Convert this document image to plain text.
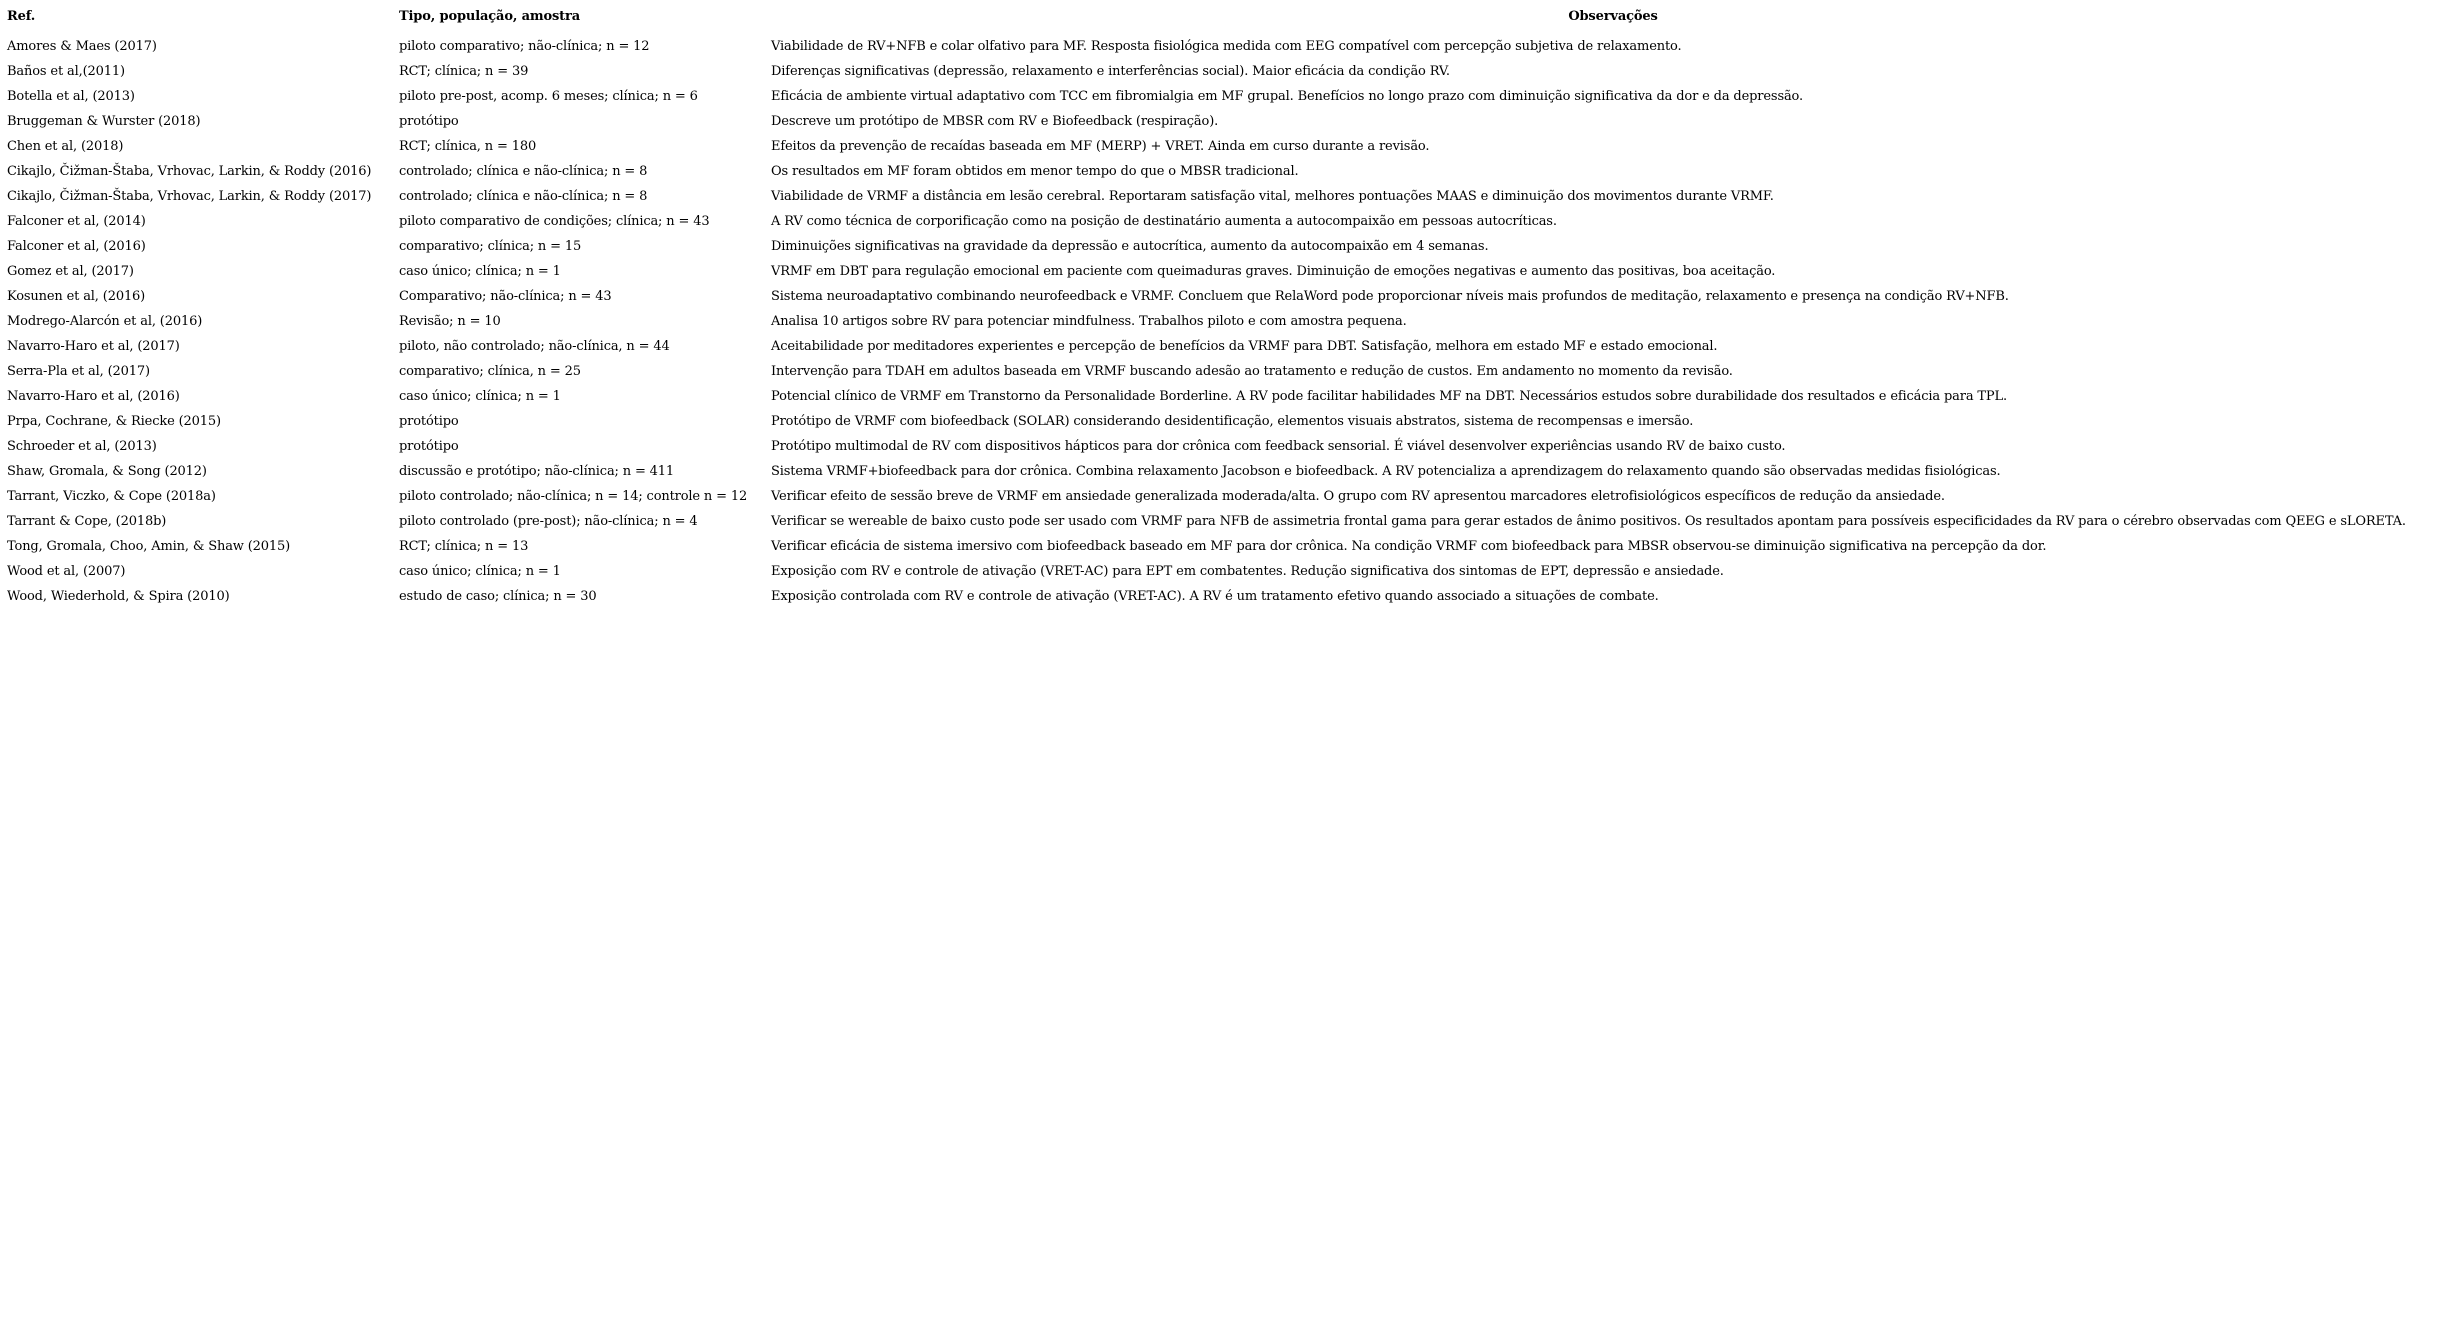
Ref.	Tipo, população, amostra	Observações
Amores & Maes (2017)	piloto comparativo; não-clínica; n = 12	Viabilidade de RV+NFB e colar olfativo para MF. Resposta fisiológica medida com EEG compatível com percepção subjetiva de relaxamento.
Baños et al,(2011)	RCT; clínica; n = 39	Diferenças significativas (depressão, relaxamento e interferências social). Maior eficácia da condição RV.
Botella et al, (2013)	piloto pre-post, acomp. 6 meses; clínica; n = 6	Eficácia de ambiente virtual adaptativo com TCC em fibromialgia em MF grupal. Benefícios no longo prazo com diminuição significativa da dor e da depressão.
Bruggeman & Wurster (2018)	protótipo	Descreve um protótipo de MBSR com RV e Biofeedback (respiração).
Chen et al, (2018)	RCT; clínica, n = 180	Efeitos da prevenção de recaídas baseada em MF (MERP) + VRET. Ainda em curso durante a revisão.
Cikajlo, Čižman-Štaba, Vrhovac, Larkin, & Roddy (2016)	controlado; clínica e não-clínica; n = 8	Os resultados em MF foram obtidos em menor tempo do que o MBSR tradicional.
Cikajlo, Čižman-Štaba, Vrhovac, Larkin, & Roddy (2017)	controlado; clínica e não-clínica; n = 8	Viabilidade de VRMF a distância em lesão cerebral. Reportaram satisfação vital, melhores pontuações MAAS e diminuição dos movimentos durante VRMF.
Falconer et al, (2014)	piloto comparativo de condições; clínica; n = 43	A RV como técnica de corporificação como na posição de destinatário aumenta a autocompaixão em pessoas autocríticas.
Falconer et al, (2016)	comparativo; clínica; n = 15	Diminuições significativas na gravidade da depressão e autocrítica, aumento da autocompaixão em 4 semanas.
Gomez et al, (2017)	caso único; clínica; n = 1	VRMF em DBT para regulação emocional em paciente com queimaduras graves. Diminuição de emoções negativas e aumento das positivas, boa aceitação.
Kosunen et al, (2016)	Comparativo; não-clínica; n = 43	Sistema neuroadaptativo combinando neurofeedback e VRMF. Concluem que RelaWord pode proporcionar níveis mais profundos de meditação, relaxamento e presença na condição RV+NFB.
Modrego-Alarcón et al, (2016)	Revisão; n = 10	Analisa 10 artigos sobre RV para potenciar mindfulness. Trabalhos piloto e com amostra pequena.
Navarro-Haro et al, (2017)	piloto, não controlado; não-clínica, n = 44	Aceitabilidade por meditadores experientes e percepção de benefícios da VRMF para DBT. Satisfação, melhora em estado MF e estado emocional.
Serra-Pla et al, (2017)	comparativo; clínica, n = 25	Intervenção para TDAH em adultos baseada em VRMF buscando adesão ao tratamento e redução de custos. Em andamento no momento da revisão.
Navarro-Haro et al, (2016)	caso único; clínica; n = 1	Potencial clínico de VRMF em Transtorno da Personalidade Borderline. A RV pode facilitar habilidades MF na DBT. Necessários estudos sobre durabilidade dos resultados e eficácia para TPL.
Prpa, Cochrane, & Riecke (2015)	protótipo	Protótipo de VRMF com biofeedback (SOLAR) considerando desidentificação, elementos visuais abstratos, sistema de recompensas e imersão.
Schroeder et al, (2013)	protótipo	Protótipo multimodal de RV com dispositivos hápticos para dor crônica com feedback sensorial. É viável desenvolver experiências usando RV de baixo custo.
Shaw, Gromala, & Song (2012)	discussão e protótipo; não-clínica; n = 411	Sistema VRMF+biofeedback para dor crônica. Combina relaxamento Jacobson e biofeedback. A RV potencializa a aprendizagem do relaxamento quando são observadas medidas fisiológicas.
Tarrant, Viczko, & Cope (2018a)	piloto controlado; não-clínica; n = 14; controle n = 12	Verificar efeito de sessão breve de VRMF em ansiedade generalizada moderada/alta. O grupo com RV apresentou marcadores eletrofisiológicos específicos de redução da ansiedade.
Tarrant & Cope, (2018b)	piloto controlado (pre-post); não-clínica; n = 4	Verificar se wereable de baixo custo pode ser usado com VRMF para NFB de assimetria frontal gama para gerar estados de ânimo positivos. Os resultados apontam para possíveis especificidades da RV para o cérebro observadas com QEEG e sLORETA.
Tong, Gromala, Choo, Amin, & Shaw (2015)	RCT; clínica; n = 13	Verificar eficácia de sistema imersivo com biofeedback baseado em MF para dor crônica. Na condição VRMF com biofeedback para MBSR observou-se diminuição significativa na percepção da dor.
Wood et al, (2007)	caso único; clínica; n = 1	Exposição com RV e controle de ativação (VRET-AC) para EPT em combatentes. Redução significativa dos sintomas de EPT, depressão e ansiedade.
Wood, Wiederhold, & Spira (2010)	estudo de caso; clínica; n = 30	Exposição controlada com RV e controle de ativação (VRET-AC). A RV é um tratamento efetivo quando associado a situações de combate.
